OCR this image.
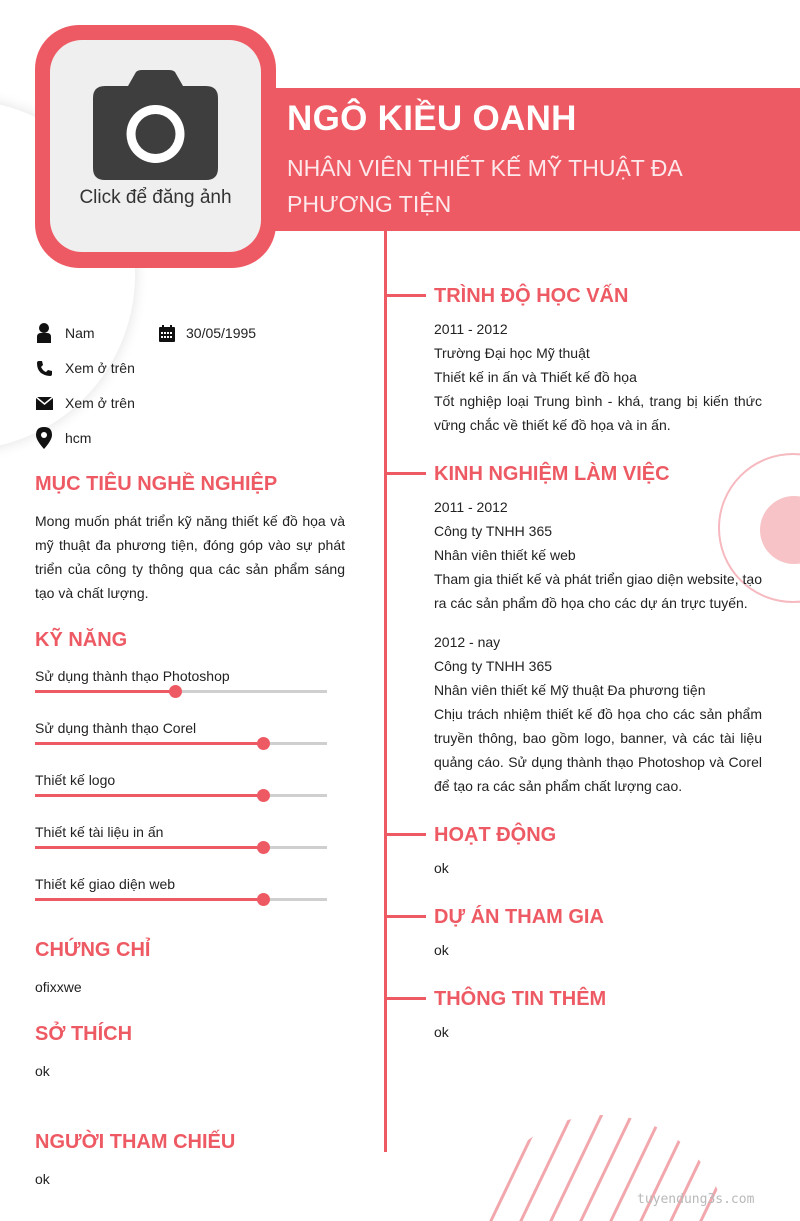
NGÔ KIỀU OANH

NHÂN VIÊN THIẾT KẾ MỸ THUẬT ĐA PHƯƠNG TIỆN

Click để đăng ảnh
Nam	30/05/1995
Xem ở trên
Xem ở trên
hcm
MỤC TIÊU NGHỀ NGHIỆP
Mong muốn phát triển kỹ năng thiết kế đồ họa và mỹ thuật đa phương tiện, đóng góp vào sự phát triển của công ty thông qua các sản phẩm sáng tạo và chất lượng.
KỸ NĂNG
Sử dụng thành thạo Photoshop
Sử dụng thành thạo Corel
Thiết kế logo
Thiết kế tài liệu in ấn
Thiết kế giao diện web
CHỨNG CHỈ
ofixxwe
SỞ THÍCH
ok
NGƯỜI THAM CHIẾU
ok
TRÌNH ĐỘ HỌC VẤN
2011 - 2012
Trường Đại học Mỹ thuật
Thiết kế in ấn và Thiết kế đồ họa
Tốt nghiệp loại Trung bình - khá, trang bị kiến thức vững chắc về thiết kế đồ họa và in ấn.
KINH NGHIỆM LÀM VIỆC
2011 - 2012
Công ty TNHH 365
Nhân viên thiết kế web
Tham gia thiết kế và phát triển giao diện website, tạo ra các sản phẩm đồ họa cho các dự án trực tuyến.
2012 - nay
Công ty TNHH 365
Nhân viên thiết kế Mỹ thuật Đa phương tiện
Chịu trách nhiệm thiết kế đồ họa cho các sản phẩm truyền thông, bao gồm logo, banner, và các tài liệu quảng cáo. Sử dụng thành thạo Photoshop và Corel để tạo ra các sản phẩm chất lượng cao.
HOẠT ĐỘNG
ok
DỰ ÁN THAM GIA
ok
THÔNG TIN THÊM
ok
tuyendung3s.com
